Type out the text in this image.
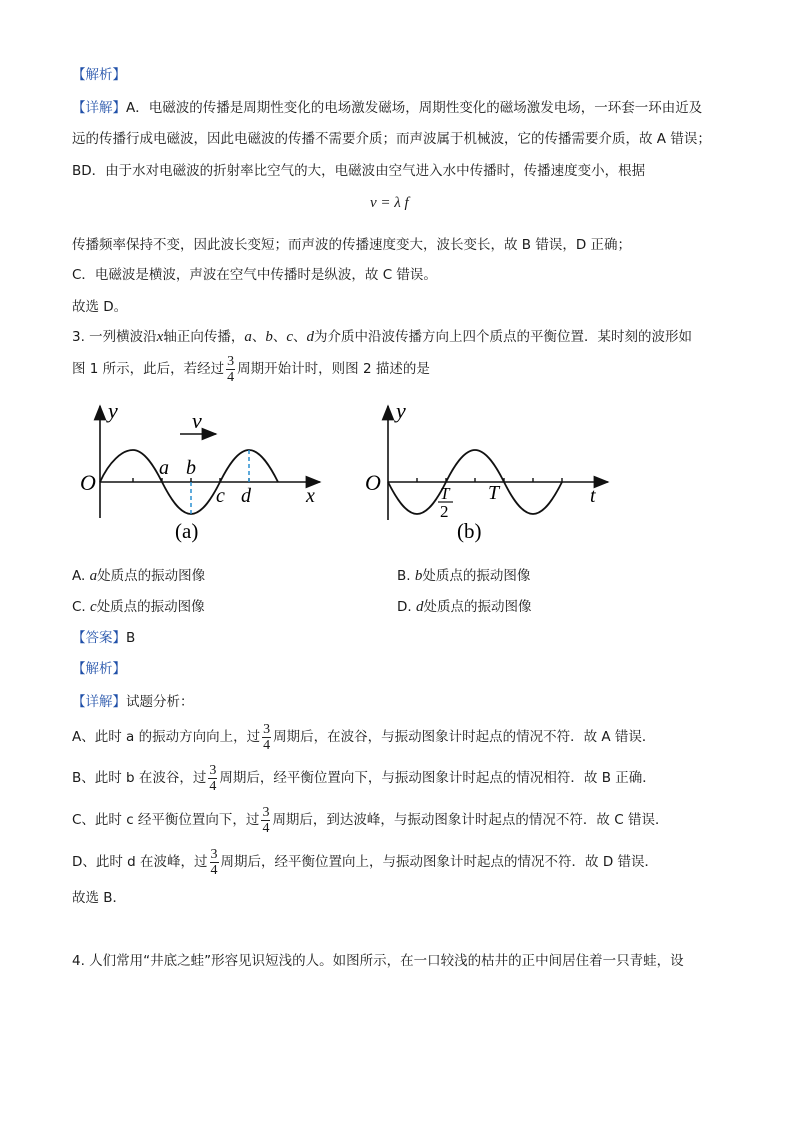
【解析】
【详解】A．电磁波的传播是周期性变化的电场激发磁场，周期性变化的磁场激发电场，一环套一环由近及
远的传播行成电磁波，因此电磁波的传播不需要介质；而声波属于机械波，它的传播需要介质，故 A 错误；
BD．由于水对电磁波的折射率比空气的大，电磁波由空气进入水中传播时，传播速度变小，根据
v = λ f
传播频率保持不变，因此波长变短；而声波的传播速度变大，波长变长，故 B 错误，D 正确；
C．电磁波是横波，声波在空气中传播时是纵波，故 C 错误。
故选 D。
3. 一列横波沿x轴正向传播，a、b、c、d为介质中沿波传播方向上四个质点的平衡位置．某时刻的波形如
图 1 所示，此后，若经过 $\frac{3}{4}$ 周期开始计时，则图 2 描述的是
y
O
v
a b
c d	x
(a)
y
O	T
2
T	t
(b)
A. a处质点的振动图像	B. b处质点的振动图像
C. c处质点的振动图像	D. d处质点的振动图像
【答案】B
【解析】
【详解】试题分析：
A、此时 a 的振动方向向上，过 $\frac{3}{4}$ 周期后，在波谷，与振动图象计时起点的情况不符．故 A 错误．
B、此时 b 在波谷，过 $\frac{3}{4}$ 周期后，经平衡位置向下，与振动图象计时起点的情况相符．故 B 正确．
C、此时 c 经平衡位置向下，过 $\frac{3}{4}$ 周期后，到达波峰，与振动图象计时起点的情况不符．故 C 错误．
D、此时 d 在波峰，过 $\frac{3}{4}$ 周期后，经平衡位置向上，与振动图象计时起点的情况不符．故 D 错误．
故选 B．
4. 人们常用“井底之蛙”形容见识短浅的人。如图所示，在一口较浅的枯井的正中间居住着一只青蛙，设
